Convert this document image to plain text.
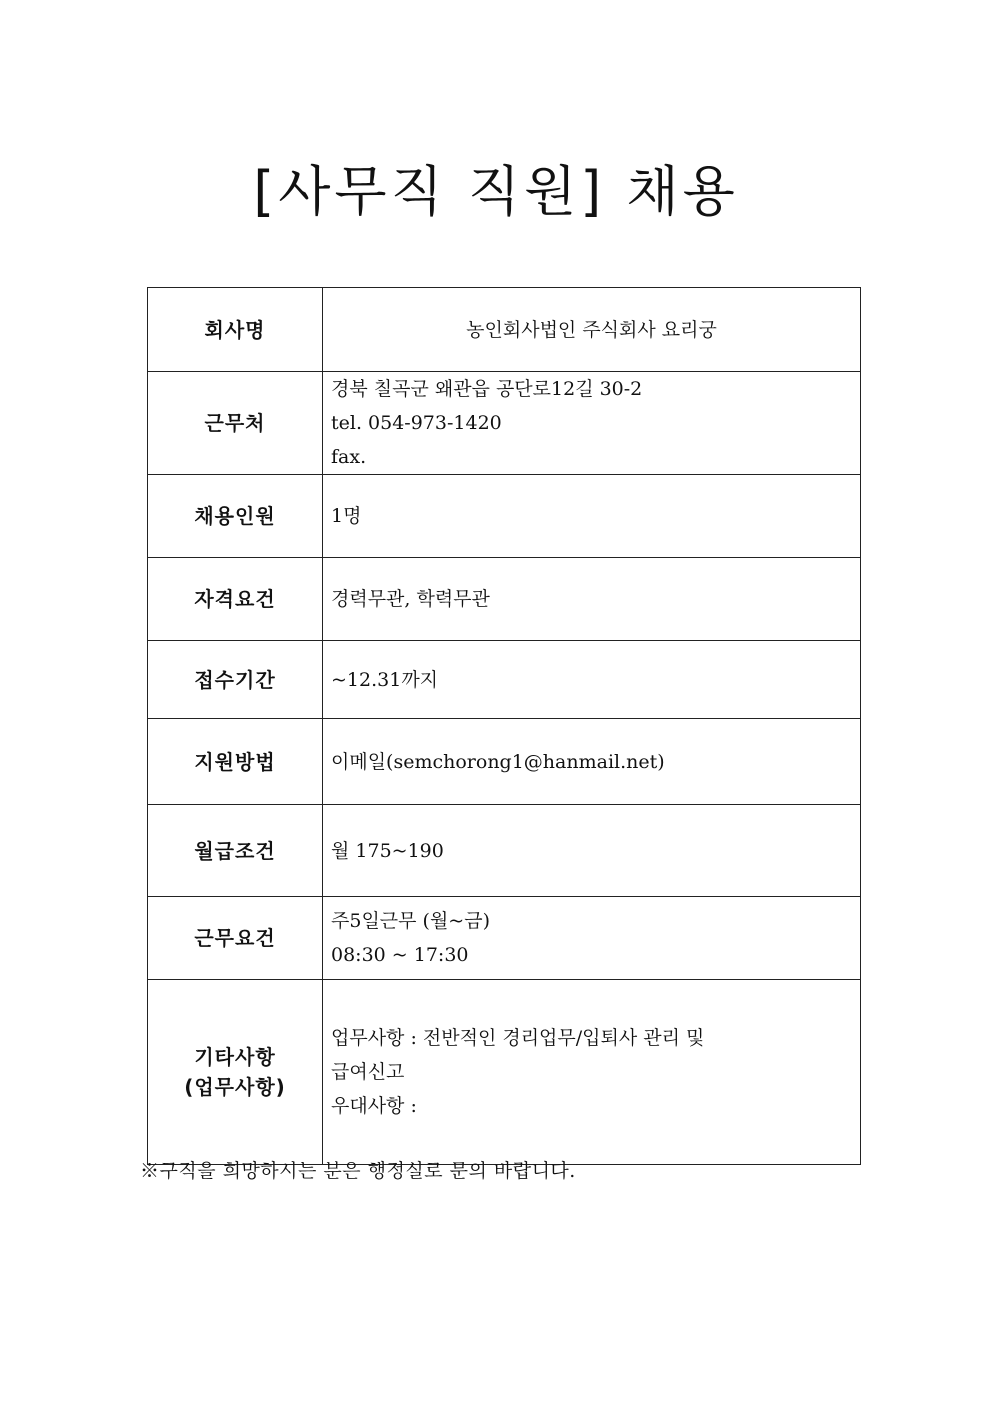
[사무직 직원] 채용
회사명	농인회사법인 주식회사 요리궁

근무처	경북 칠곡군 왜관읍 공단로12길 30-2
tel. 054-973-1420
fax.

채용인원	1명

자격요건	경력무관, 학력무관

접수기간	~12.31까지

지원방법	이메일(semchorong1@hanmail.net)

월급조건	월 175~190

근무요건	주5일근무 (월~금)
08:30 ~ 17:30

기타사항
(업무사항)	업무사항 : 전반적인 경리업무/입퇴사 관리 및
급여신고
우대사항 :
※구직을 희망하시는 분은 행정실로 문의 바랍니다.
